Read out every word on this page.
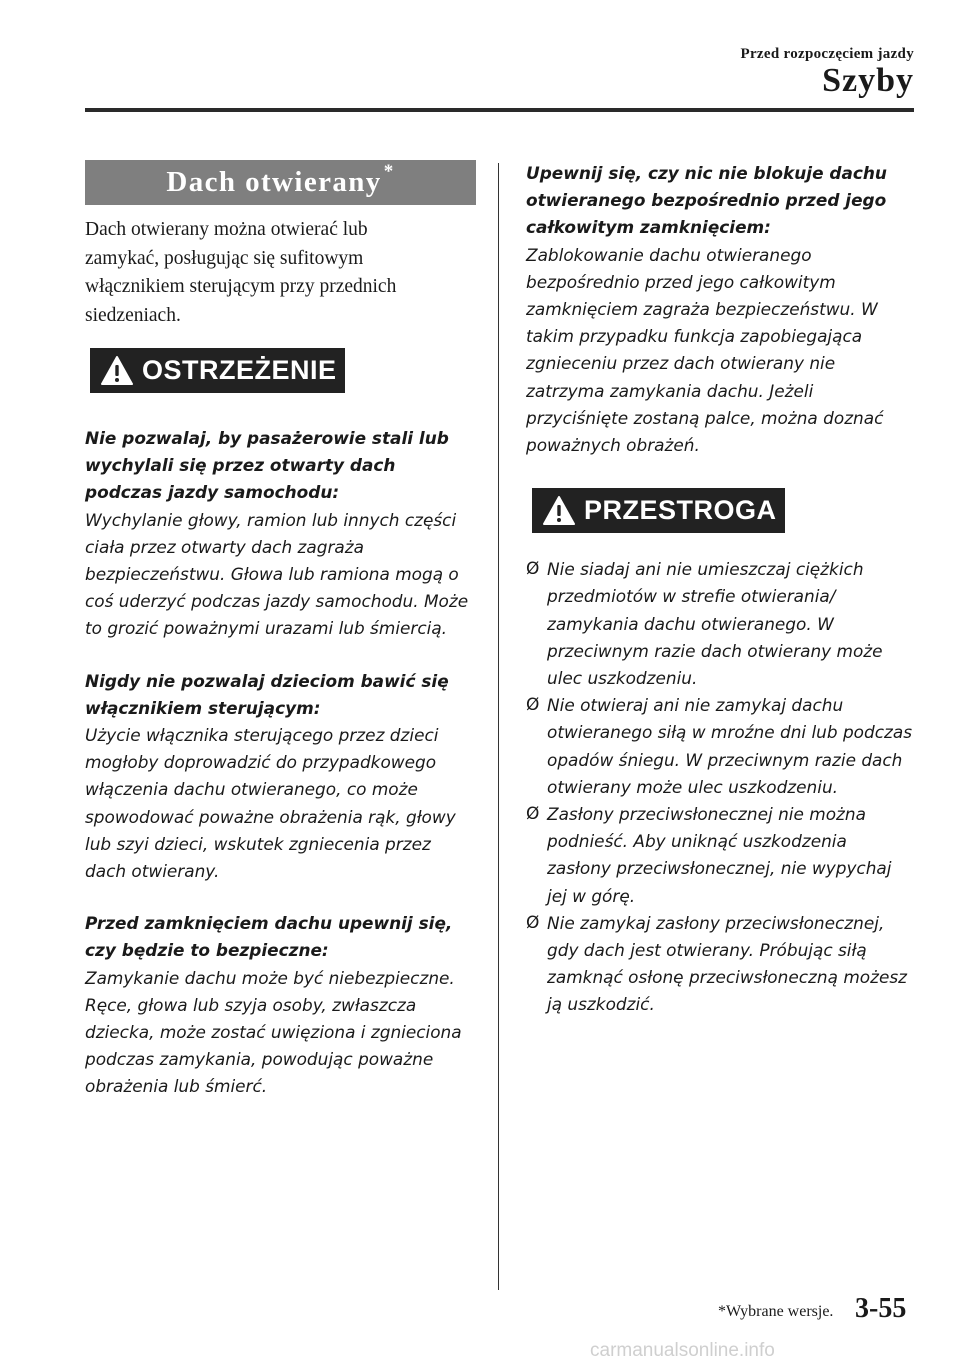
Przed rozpoczęciem jazdy
Szyby
Dach otwierany *
Dach otwierany można otwierać lub zamykać, posługując się sufitowym włącznikiem sterującym przy przednich siedzeniach.
OSTRZEŻENIE
Nie pozwalaj, by pasażerowie stali lub wychylali się przez otwarty dach podczas jazdy samochodu:
Wychylanie głowy, ramion lub innych części ciała przez otwarty dach zagraża bezpieczeństwu. Głowa lub ramiona mogą o coś uderzyć podczas jazdy samochodu. Może to grozić poważnymi urazami lub śmiercią.
Nigdy nie pozwalaj dzieciom bawić się włącznikiem sterującym:
Użycie włącznika sterującego przez dzieci mogłoby doprowadzić do przypadkowego włączenia dachu otwieranego, co może spowodować poważne obrażenia rąk, głowy lub szyi dzieci, wskutek zgniecenia przez dach otwierany.
Przed zamknięciem dachu upewnij się, czy będzie to bezpieczne:
Zamykanie dachu może być niebezpieczne. Ręce, głowa lub szyja osoby, zwłaszcza dziecka, może zostać uwięziona i zgnieciona podczas zamykania, powodując poważne obrażenia lub śmierć.
Upewnij się, czy nic nie blokuje dachu otwieranego bezpośrednio przed jego całkowitym zamknięciem:
Zablokowanie dachu otwieranego bezpośrednio przed jego całkowitym zamknięciem zagraża bezpieczeństwu. W takim przypadku funkcja zapobiegająca zgnieceniu przez dach otwierany nie zatrzyma zamykania dachu. Jeżeli przyciśnięte zostaną palce, można doznać poważnych obrażeń.
PRZESTROGA
Ø Nie siadaj ani nie umieszczaj ciężkich przedmiotów w strefie otwierania/ zamykania dachu otwieranego. W przeciwnym razie dach otwierany może ulec uszkodzeniu.
Ø Nie otwieraj ani nie zamykaj dachu otwieranego siłą w mroźne dni lub podczas opadów śniegu. W przeciwnym razie dach otwierany może ulec uszkodzeniu.
Ø Zasłony przeciwsłonecznej nie można podnieść. Aby uniknąć uszkodzenia zasłony przeciwsłonecznej, nie wypychaj jej w górę.
Ø Nie zamykaj zasłony przeciwsłonecznej, gdy dach jest otwierany. Próbując siłą zamknąć osłonę przeciwsłoneczną możesz ją uszkodzić.
*Wybrane wersje. 3-55
carmanualsonline.info
